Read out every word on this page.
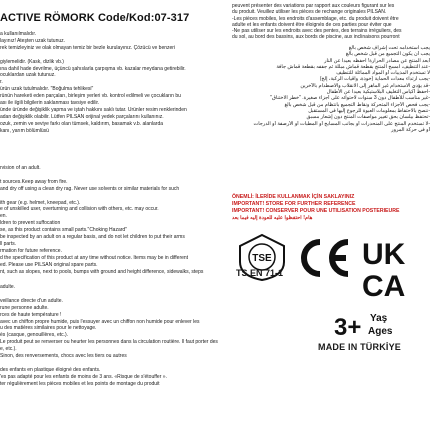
ACTIVE RÖMORK Code/Kod:07-317
a kullanılmalıdır.
layınız! Ateşten uzak tutunuz.
rek temizleyiniz ve olak olmayan temiz bir bezle kurulayınız. Çözücü ve benzeri

giylemelidir. (Kask, dizlik vb.)
ına dahil hade devrilme, üçüncü şahıslarla çarpışma vb. kazalar meydana getirebilir.
ocuklardan uzak tutunuz.
r.
ürün uzak tutulmalıdır. "Boğulma tehlikesi"
rünün hareketi eden parçaları, birleşim yerleri vb. kontrol edilmeli ve çocukların bu
ası ile ilgili bilgilerin saklanması tavsiye edilir.
ünde üründe değişiklik yapma ve iştah hakkını saklı tutar. Ürünler resim renklerinden
adan değişiklik olabilir. Lütfen PILSAN orijinal yedek parçalarını kullanınız.
ozuk, zemin ve seviye farkı olan tümsek, kaldırım, basamak v.b. alanlarda
kanı, yarım bölümlüsü
rvision of an adult.

t sources.Keep away from fire.
and dry off using a clean dry rag. Never use solvents or similar materials for such

ith gear (e.g. helmet, kneepad, etc.).
e of unskilled user, overturning and collision with others, etc. may occur.
en.
ldren to prevent suffocation
se, as this product contains small parts."Choking Hazard"
be inspected by an adult on a regular basis, and do not let children to put their arms
ll parts.
rmation for future reference.
d the specification of this product at any time without notice. Items may be in different
ed. Please use PILSAN original spare parts.
nt, such as slopes, next to pools, bumps with ground and height difference, sidewalks, steps
adulte.

veillance directe d'un adulte.
rune personne adulte.
rces de haute température !
avec un chiffon propre humide, puis l'essuyer avec un chiffon non humide pour enlever les
u des matières similaires pour le nettoyage.
ès (casque, genouillères, etc.).
Le produit peut se renverser ou heurter les personnes dans la circulation routière. Il faut porter des
e, etc.).
Sinon, des renversements, chocs avec les tiers ou autres

des enfants en plastique éloigné des enfants.
'es pas adapté pour les enfants de moins de 3 ans. «Risque de s'étouffer ».
ter régulièrement les pièces mobiles et les points de montage du produit
peuvent présenter des variations par rapport aux couleurs figurant sur les
du produit. Veuillez utiliser les pièces de rechange originales PILSAN.
-Les pièces mobiles, les endroits d'assemblage, etc. du produit doivent être
adulte et les enfants doivent être éloignés de ces parties pour éviter que
-Ne pas utiliser sur les endroits avec des pentes, des terrains irréguliers, des
du sol, au bord des bassins, aux bords de piscine, aux inclinaisons pourront
يجب استخدامه تحت إشراف شخص بالغ
يجب أن يكون التجميع من قبل شخص بالغ
أبعد المنتج عن مصادر الحرارة! احفظه بعيدا عن النار
-عند التنظيف، امسح المنتج بقطعة قماش مبللة ثم جففه بقطعة قماش جافة
لا تستخدم المذيبات أو المواد المماثلة للتنظيف
-يجب ارتداء معدات الحماية (خوذة، واقيات الركبة، إلخ)
-قد يؤدي الاستخدام غير الماهر إلى الانقلاب والاصطدام بالآخرين
-احفظ أكياس التغليف البلاستيكية بعيدا عن الأطفال
-غير مناسب للأطفال دون 3 سنوات لاحتوائه على أجزاء صغيرة. "خطر الاختناق"
-يجب فحص الأجزاء المتحركة ونقاط التجميع بانتظام من قبل شخص بالغ
-ننصح بالاحتفاظ بمعلومات العبوة للرجوع إليها في المستقبل
-تحتفظ بيلسان بحق تغيير مواصفات المنتج دون إشعار مسبق
-لا تستخدم المنتج على المنحدرات أو بجانب المسابح أو المطبات أو الأرصفة أو الدرجات
أو في حركة المرور
ÖNEMLİ: İLERİDE KULLANMAK İÇİN SAKLAYINIZ
IMPORTANT! STORE FOR FURTHER REFERENCE
IMPORTANT! CONSERVER POUR UNE UTILISATION POSTERIEURE
هام! احتفظوا عليه للعودة إليه فيما بعد
TSE
TS EN 71-1
UK
CA
3+ Yaş
Ages
MADE IN TÜRKİYE
